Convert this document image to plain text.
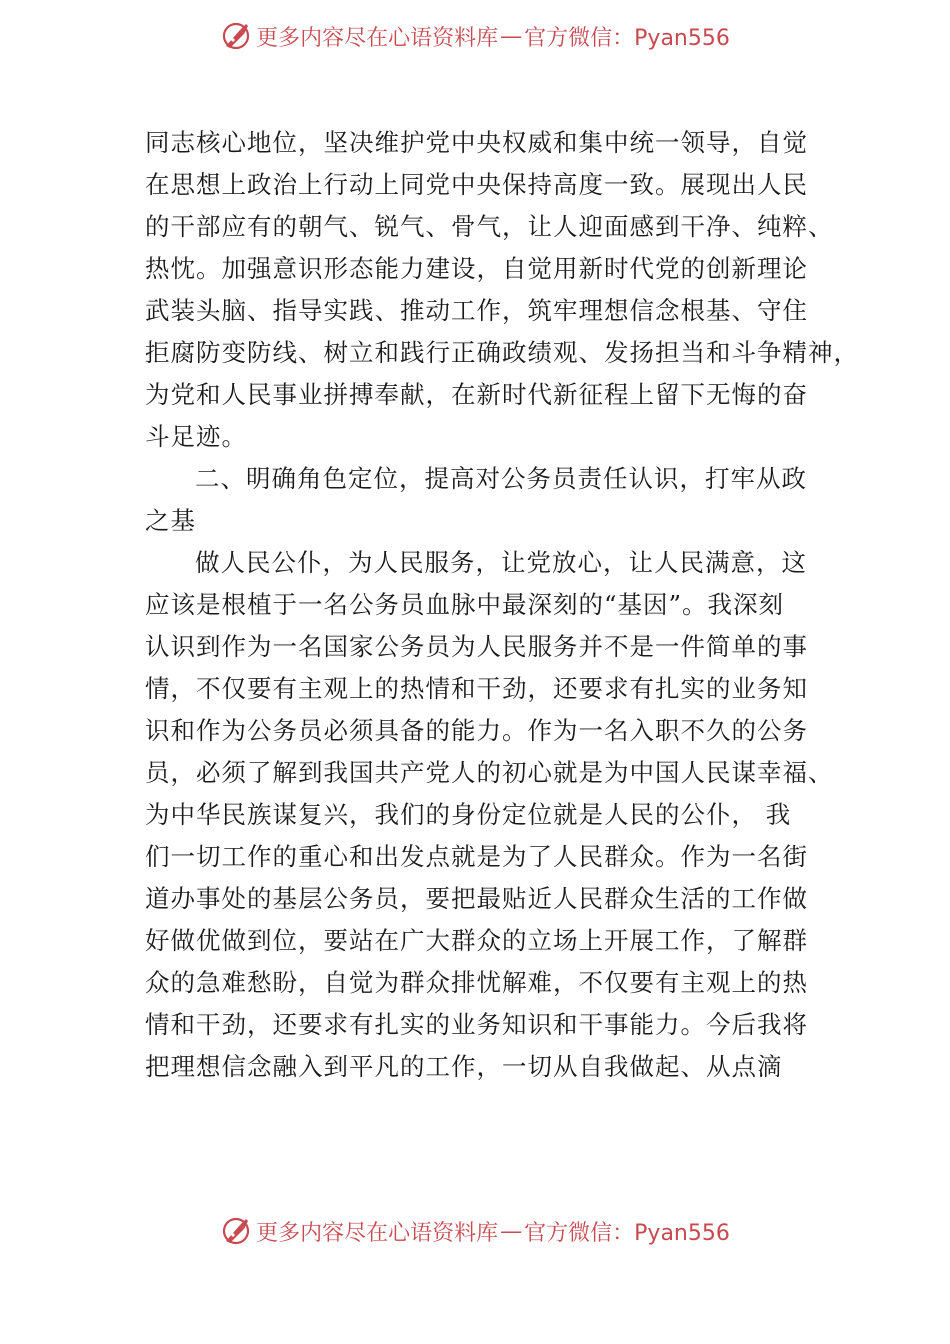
更多内容尽在心语资料库 — 官方微信：Pyan556
同志核心地位，坚决维护党中央权威和集中统一领导，自觉
在思想上政治上行动上同党中央保持高度一致。展现出人民
的干部应有的朝气、锐气、骨气，让人迎面感到干净、纯粹、
热忱。加强意识形态能力建设，自觉用新时代党的创新理论
武装头脑、指导实践、推动工作，筑牢理想信念根基、守住
拒腐防变防线、树立和践行正确政绩观、发扬担当和斗争精神，
为党和人民事业拼搏奉献，在新时代新征程上留下无悔的奋
斗足迹。
二、明确角色定位，提高对公务员责任认识，打牢从政
之基
做人民公仆，为人民服务，让党放心，让人民满意，这
应该是根植于一名公务员血脉中最深刻的“基因”。我深刻
认识到作为一名国家公务员为人民服务并不是一件简单的事
情，不仅要有主观上的热情和干劲，还要求有扎实的业务知
识和作为公务员必须具备的能力。作为一名入职不久的公务
员，必须了解到我国共产党人的初心就是为中国人民谋幸福、
为中华民族谋复兴，我们的身份定位就是人民的公仆， 我
们一切工作的重心和出发点就是为了人民群众。作为一名街
道办事处的基层公务员，要把最贴近人民群众生活的工作做
好做优做到位，要站在广大群众的立场上开展工作，了解群
众的急难愁盼，自觉为群众排忧解难，不仅要有主观上的热
情和干劲，还要求有扎实的业务知识和干事能力。今后我将
把理想信念融入到平凡的工作，一切从自我做起、从点滴
更多内容尽在心语资料库 — 官方微信：Pyan556
